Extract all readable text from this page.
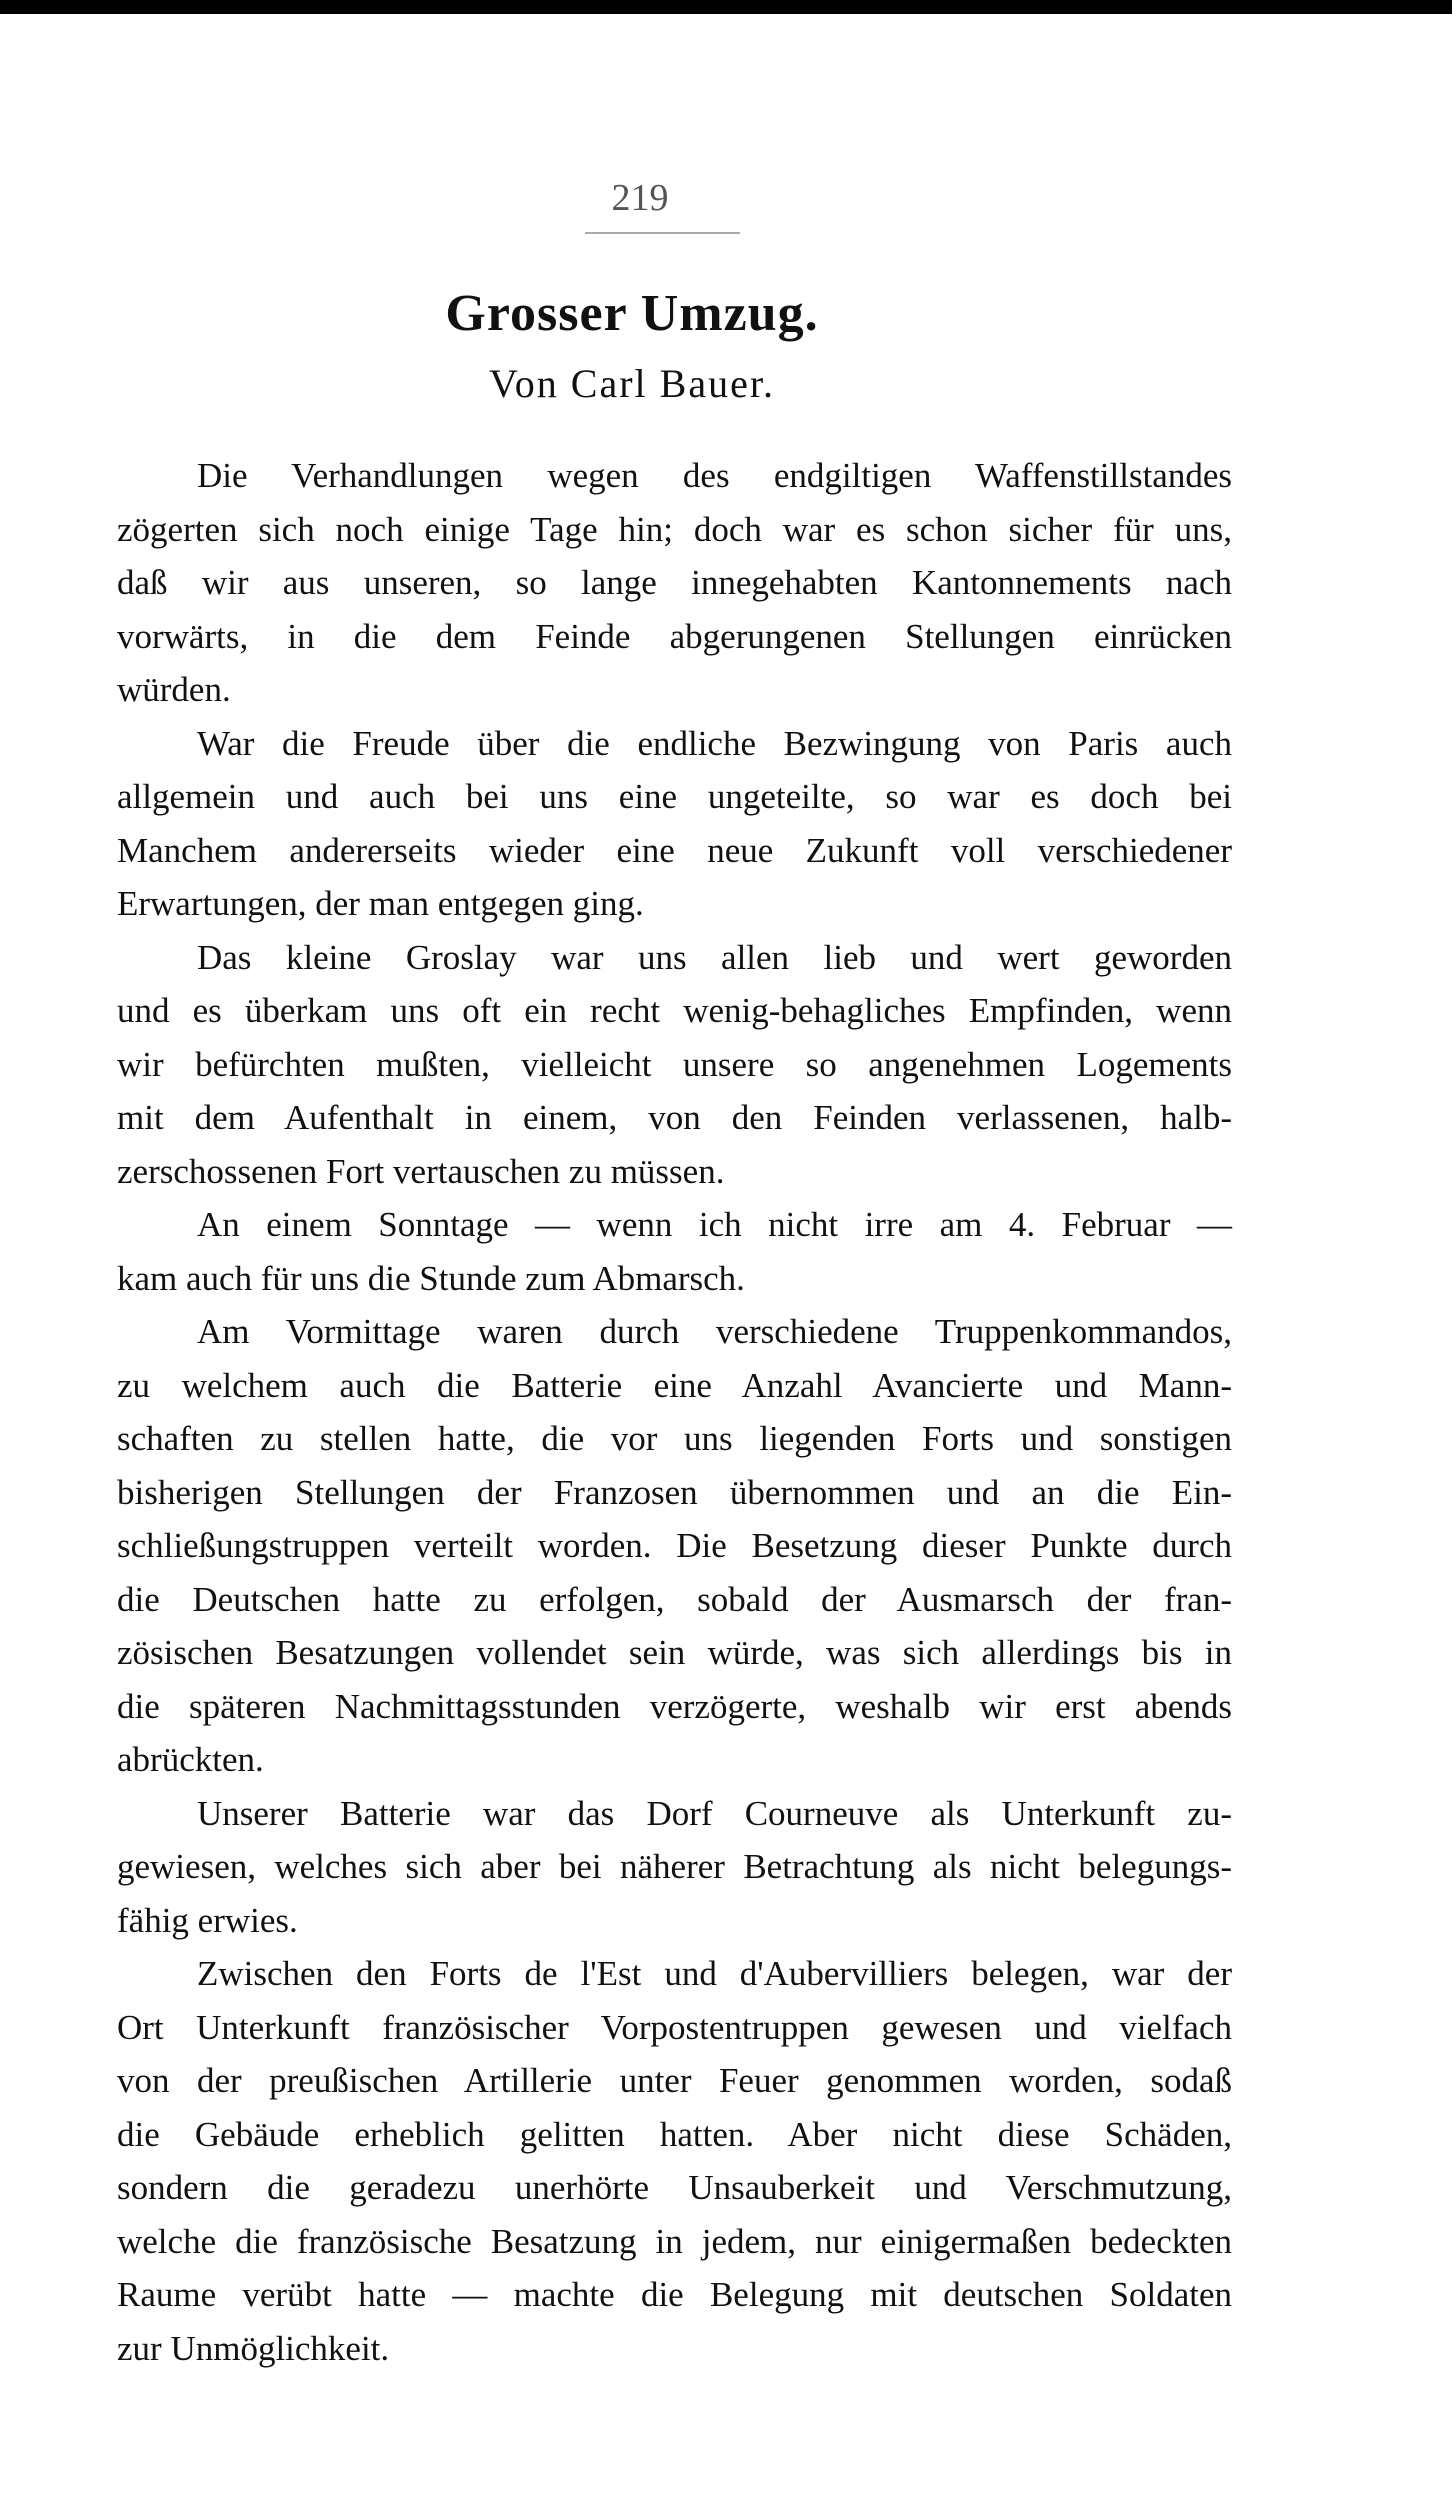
219
Grosser Umzug.
Von Carl Bauer.
Die Verhandlungen wegen des endgiltigen Waffenstillstandes
zögerten sich noch einige Tage hin; doch war es schon sicher für uns,
daß wir aus unseren, so lange innegehabten Kantonnements nach
vorwärts, in die dem Feinde abgerungenen Stellungen einrücken
würden.
War die Freude über die endliche Bezwingung von Paris auch
allgemein und auch bei uns eine ungeteilte, so war es doch bei
Manchem andererseits wieder eine neue Zukunft voll verschiedener
Erwartungen, der man entgegen ging.
Das kleine Groslay war uns allen lieb und wert geworden
und es überkam uns oft ein recht wenig-behagliches Empfinden, wenn
wir befürchten mußten, vielleicht unsere so angenehmen Logements
mit dem Aufenthalt in einem, von den Feinden verlassenen, halb-
zerschossenen Fort vertauschen zu müssen.
An einem Sonntage — wenn ich nicht irre am 4. Februar —
kam auch für uns die Stunde zum Abmarsch.
Am Vormittage waren durch verschiedene Truppenkommandos,
zu welchem auch die Batterie eine Anzahl Avancierte und Mann-
schaften zu stellen hatte, die vor uns liegenden Forts und sonstigen
bisherigen Stellungen der Franzosen übernommen und an die Ein-
schließungstruppen verteilt worden. Die Besetzung dieser Punkte durch
die Deutschen hatte zu erfolgen, sobald der Ausmarsch der fran-
zösischen Besatzungen vollendet sein würde, was sich allerdings bis in
die späteren Nachmittagsstunden verzögerte, weshalb wir erst abends
abrückten.
Unserer Batterie war das Dorf Courneuve als Unterkunft zu-
gewiesen, welches sich aber bei näherer Betrachtung als nicht belegungs-
fähig erwies.
Zwischen den Forts de l'Est und d'Aubervilliers belegen, war der
Ort Unterkunft französischer Vorpostentruppen gewesen und vielfach
von der preußischen Artillerie unter Feuer genommen worden, sodaß
die Gebäude erheblich gelitten hatten. Aber nicht diese Schäden,
sondern die geradezu unerhörte Unsauberkeit und Verschmutzung,
welche die französische Besatzung in jedem, nur einigermaßen bedeckten
Raume verübt hatte — machte die Belegung mit deutschen Soldaten
zur Unmöglichkeit.
